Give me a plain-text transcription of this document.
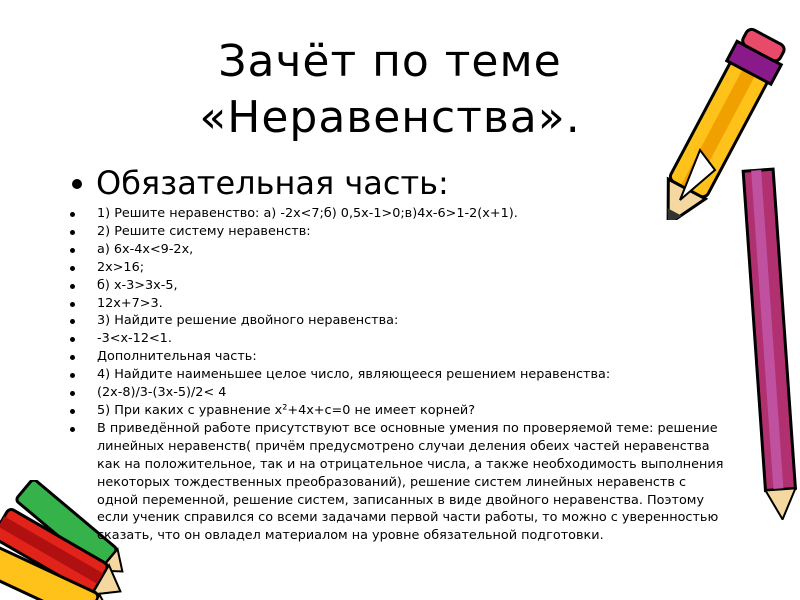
Зачёт по теме
«Неравенства».
Обязательная часть:
1) Решите неравенство: а) -2x<7;б) 0,5х-1>0;в)4х-6>1-2(х+1).
2) Решите систему неравенств:
а) 6x-4x<9-2x,
2x>16;
б) х-3>3х-5,
12х+7>3.
3) Найдите решение двойного неравенства:
-3<х-12<1.
Дополнительная часть:
4) Найдите наименьшее целое число, являющееся решением неравенства:
(2х-8)/3-(3х-5)/2< 4
5) При каких с уравнение х²+4х+с=0 не имеет корней?
В приведённой работе присутствуют все основные умения по проверяемой теме: решение линейных неравенств( причём предусмотрено случаи деления обеих частей неравенства как на положительное, так и на отрицательное числа, а также необходимость выполнения некоторых тождественных преобразований), решение систем линейных неравенств с одной переменной, решение систем, записанных в виде двойного неравенства. Поэтому если ученик справился со всеми задачами первой части работы, то можно с уверенностью сказать, что он овладел материалом на уровне обязательной подготовки.
